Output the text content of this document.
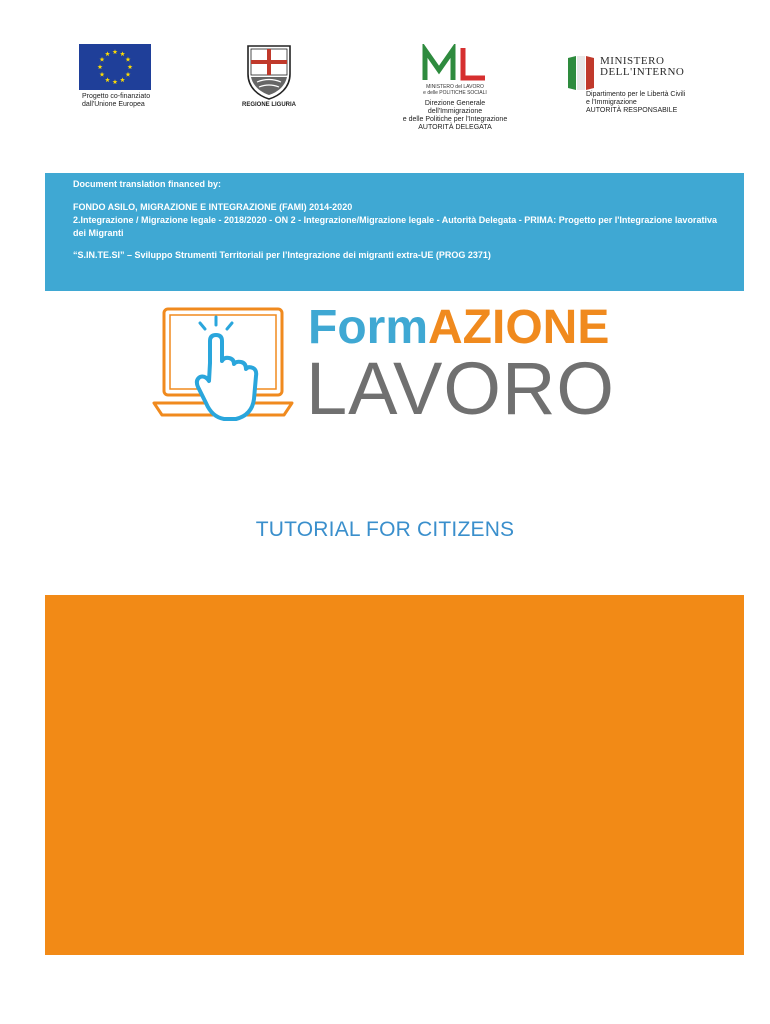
Progetto co-finanziato
dall'Unione Europea	REGIONE LIGURIA
MINISTERO del LAVORO
e delle POLITICHE SOCIALI
Direzione Generale dell'Immigrazione
e delle Politiche per l'Integrazione
AUTORITÀ DELEGATA
MINISTERO
DELL'INTERNO
Dipartimento per le Libertà Civili
e l'Immigrazione
AUTORITÀ RESPONSABILE

Document translation financed by:

FONDO ASILO, MIGRAZIONE E INTEGRAZIONE (FAMI) 2014-2020

2.Integrazione / Migrazione legale - 2018/2020 - ON 2 - Integrazione/Migrazione legale - Autorità Delegata - PRIMA: Progetto per l'Integrazione lavorativa dei Migranti

“S.IN.TE.SI” – Sviluppo Strumenti Territoriali per l’Integrazione dei migranti extra-UE (PROG 2371)

FormAZIONE
LAVORO
TUTORIAL FOR CITIZENS
